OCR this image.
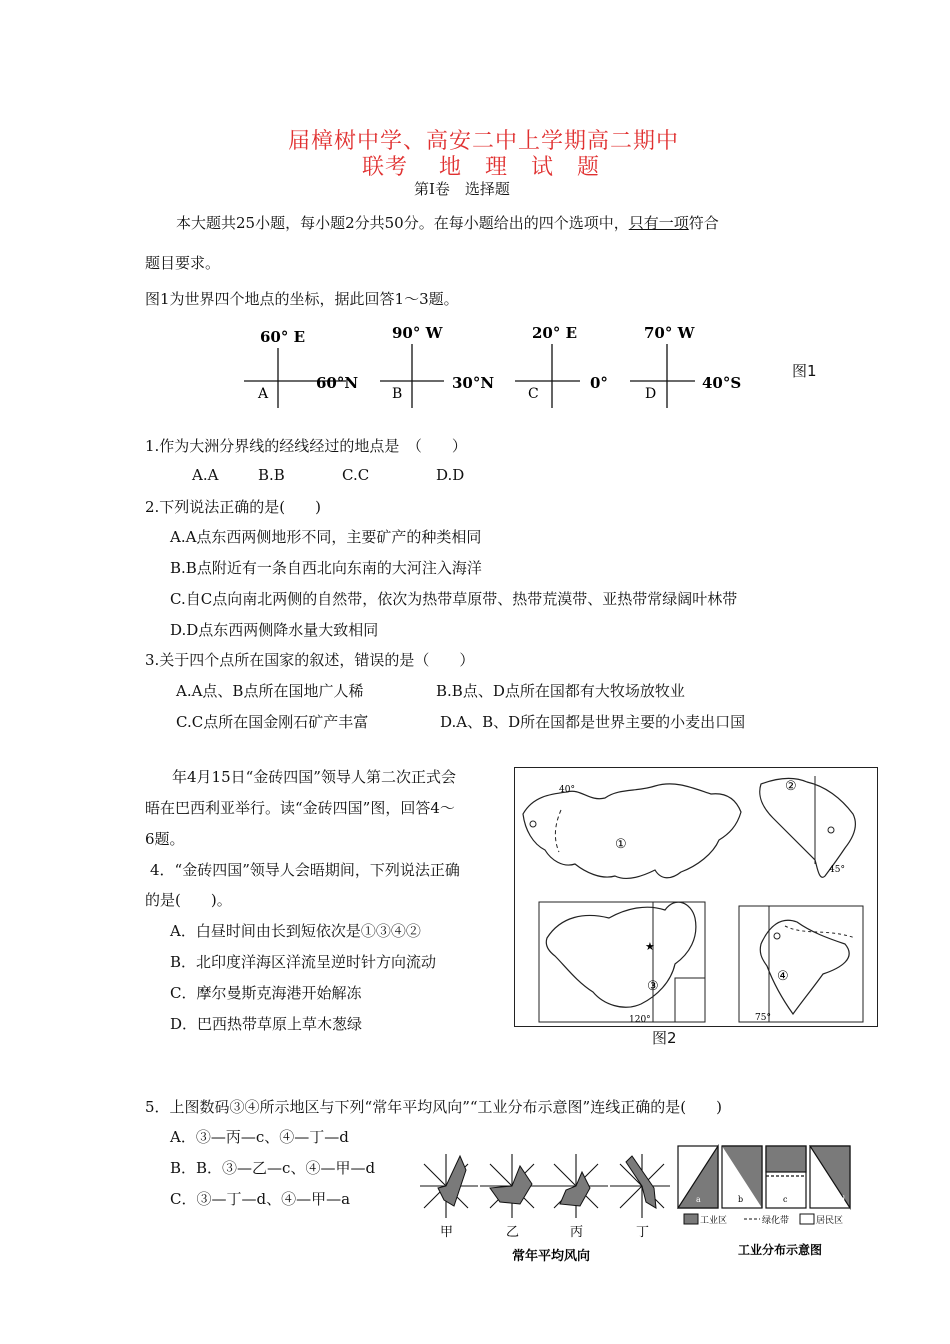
届樟树中学、高安二中上学期高二期中
联考　 地　理　试　题
第Ⅰ卷　选择题
本大题共25小题，每小题2分共50分。在每小题给出的四个选项中，只有一项符合
题目要求。
图1为世界四个地点的坐标，据此回答1～3题。
60° E
60°N
A
90° W
30°N
B
20° E
0°
C
70° W
40°S
D
图1
1.作为大洲分界线的经线经过的地点是　（　　）
A.A	B.B	C.C	D.D
2.下列说法正确的是(　　)
A.A点东西两侧地形不同，主要矿产的种类相同
B.B点附近有一条自西北向东南的大河注入海洋
C.自C点向南北两侧的自然带，依次为热带草原带、热带荒漠带、亚热带常绿阔叶林带
D.D点东西两侧降水量大致相同
3.关于四个点所在国家的叙述，错误的是（　　）
A.A点、B点所在国地广人稀	B.B点、D点所在国都有大牧场放牧业
C.C点所在国金刚石矿产丰富	D.A、B、D所在国都是世界主要的小麦出口国
年4月15日“金砖四国”领导人第二次正式会
晤在巴西利亚举行。读“金砖四国”图，回答4～
6题。
4．“金砖四国”领导人会晤期间，下列说法正确
的是(　　)。
A．白昼时间由长到短依次是①③④②
B．北印度洋海区洋流呈逆时针方向流动
C．摩尔曼斯克海港开始解冻
D．巴西热带草原上草木葱绿
①
40°	②
45°
★
③
120°
④
75°
图2
5．上图数码③④所示地区与下列“常年平均风向”“工业分布示意图”连线正确的是(　　)
A．③—丙—c、④—丁—d
B．B．③—乙—c、④—甲—d
C．③—丁—d、④—甲—a
甲	乙	丙	丁
常年平均风向
a	b	c	d
工业区	绿化带	居民区
工业分布示意图
